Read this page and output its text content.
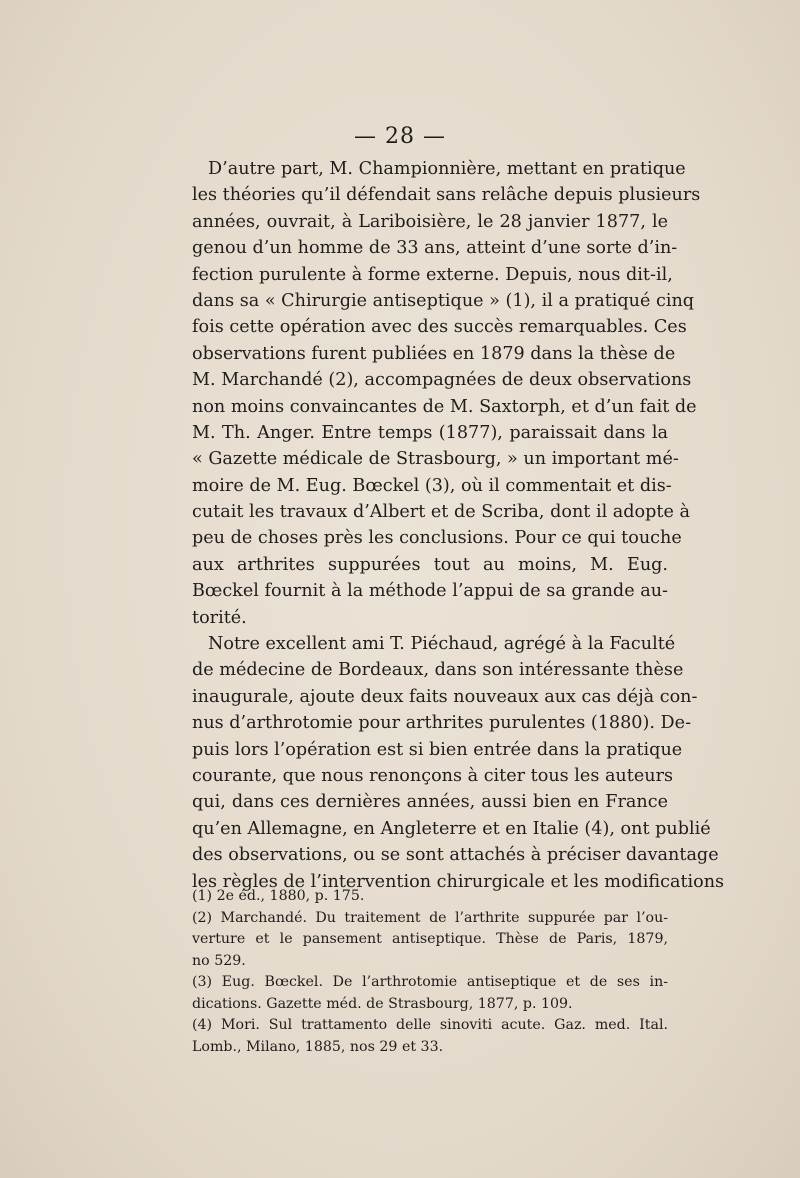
— 28 —
D’autre part, M. Championnière, mettant en pratique
les théories qu’il défendait sans relâche depuis plusieurs
années, ouvrait, à Lariboisière, le 28 janvier 1877, le
genou d’un homme de 33 ans, atteint d’une sorte d’in-
fection purulente à forme externe. Depuis, nous dit-il,
dans sa « Chirurgie antiseptique » (1), il a pratiqué cinq
fois cette opération avec des succès remarquables. Ces
observations furent publiées en 1879 dans la thèse de
M. Marchandé (2), accompagnées de deux observations
non moins convaincantes de M. Saxtorph, et d’un fait de
M. Th. Anger. Entre temps (1877), paraissait dans la
« Gazette médicale de Strasbourg, » un important mé-
moire de M. Eug. Bœckel (3), où il commentait et dis-
cutait les travaux d’Albert et de Scriba, dont il adopte à
peu de choses près les conclusions. Pour ce qui touche
aux arthrites suppurées tout au moins, M. Eug.
Bœckel fournit à la méthode l’appui de sa grande au-
torité.
Notre excellent ami T. Piéchaud, agrégé à la Faculté
de médecine de Bordeaux, dans son intéressante thèse
inaugurale, ajoute deux faits nouveaux aux cas déjà con-
nus d’arthrotomie pour arthrites purulentes (1880). De-
puis lors l’opération est si bien entrée dans la pratique
courante, que nous renonçons à citer tous les auteurs
qui, dans ces dernières années, aussi bien en France
qu’en Allemagne, en Angleterre et en Italie (4), ont publié
des observations, ou se sont attachés à préciser davantage
les règles de l’intervention chirurgicale et les modifications
(1) 2e éd., 1880, p. 175.
(2) Marchandé. Du traitement de l’arthrite suppurée par l’ou-
verture et le pansement antiseptique. Thèse de Paris, 1879,
no 529.
(3) Eug. Bœckel. De l’arthrotomie antiseptique et de ses in-
dications. Gazette méd. de Strasbourg, 1877, p. 109.
(4) Mori. Sul trattamento delle sinoviti acute. Gaz. med. Ital.
Lomb., Milano, 1885, nos 29 et 33.
